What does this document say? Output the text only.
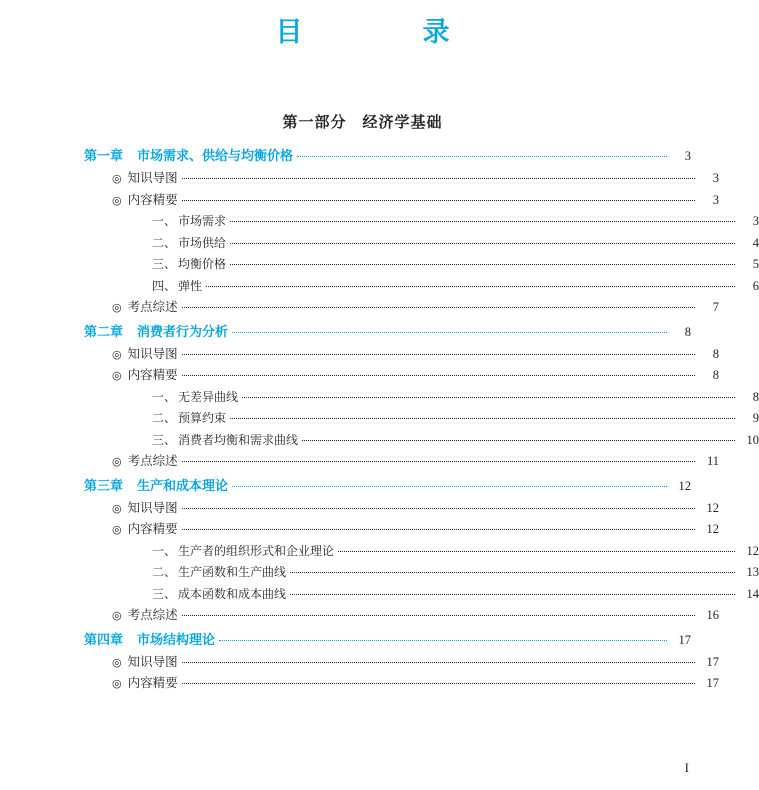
目　　录
第一部分　经济学基础
第一章 市场需求、供给与均衡价格	3
◎ 知识导图	3
◎ 内容精要	3
一、 市场需求	3
二、 市场供给	4
三、 均衡价格	5
四、 弹性	6
◎ 考点综述	7
第二章 消费者行为分析	8
◎ 知识导图	8
◎ 内容精要	8
一、 无差异曲线	8
二、 预算约束	9
三、 消费者均衡和需求曲线	10
◎ 考点综述	11
第三章 生产和成本理论	12
◎ 知识导图	12
◎ 内容精要	12
一、 生产者的组织形式和企业理论	12
二、 生产函数和生产曲线	13
三、 成本函数和成本曲线	14
◎ 考点综述	16
第四章 市场结构理论	17
◎ 知识导图	17
◎ 内容精要	17
I
